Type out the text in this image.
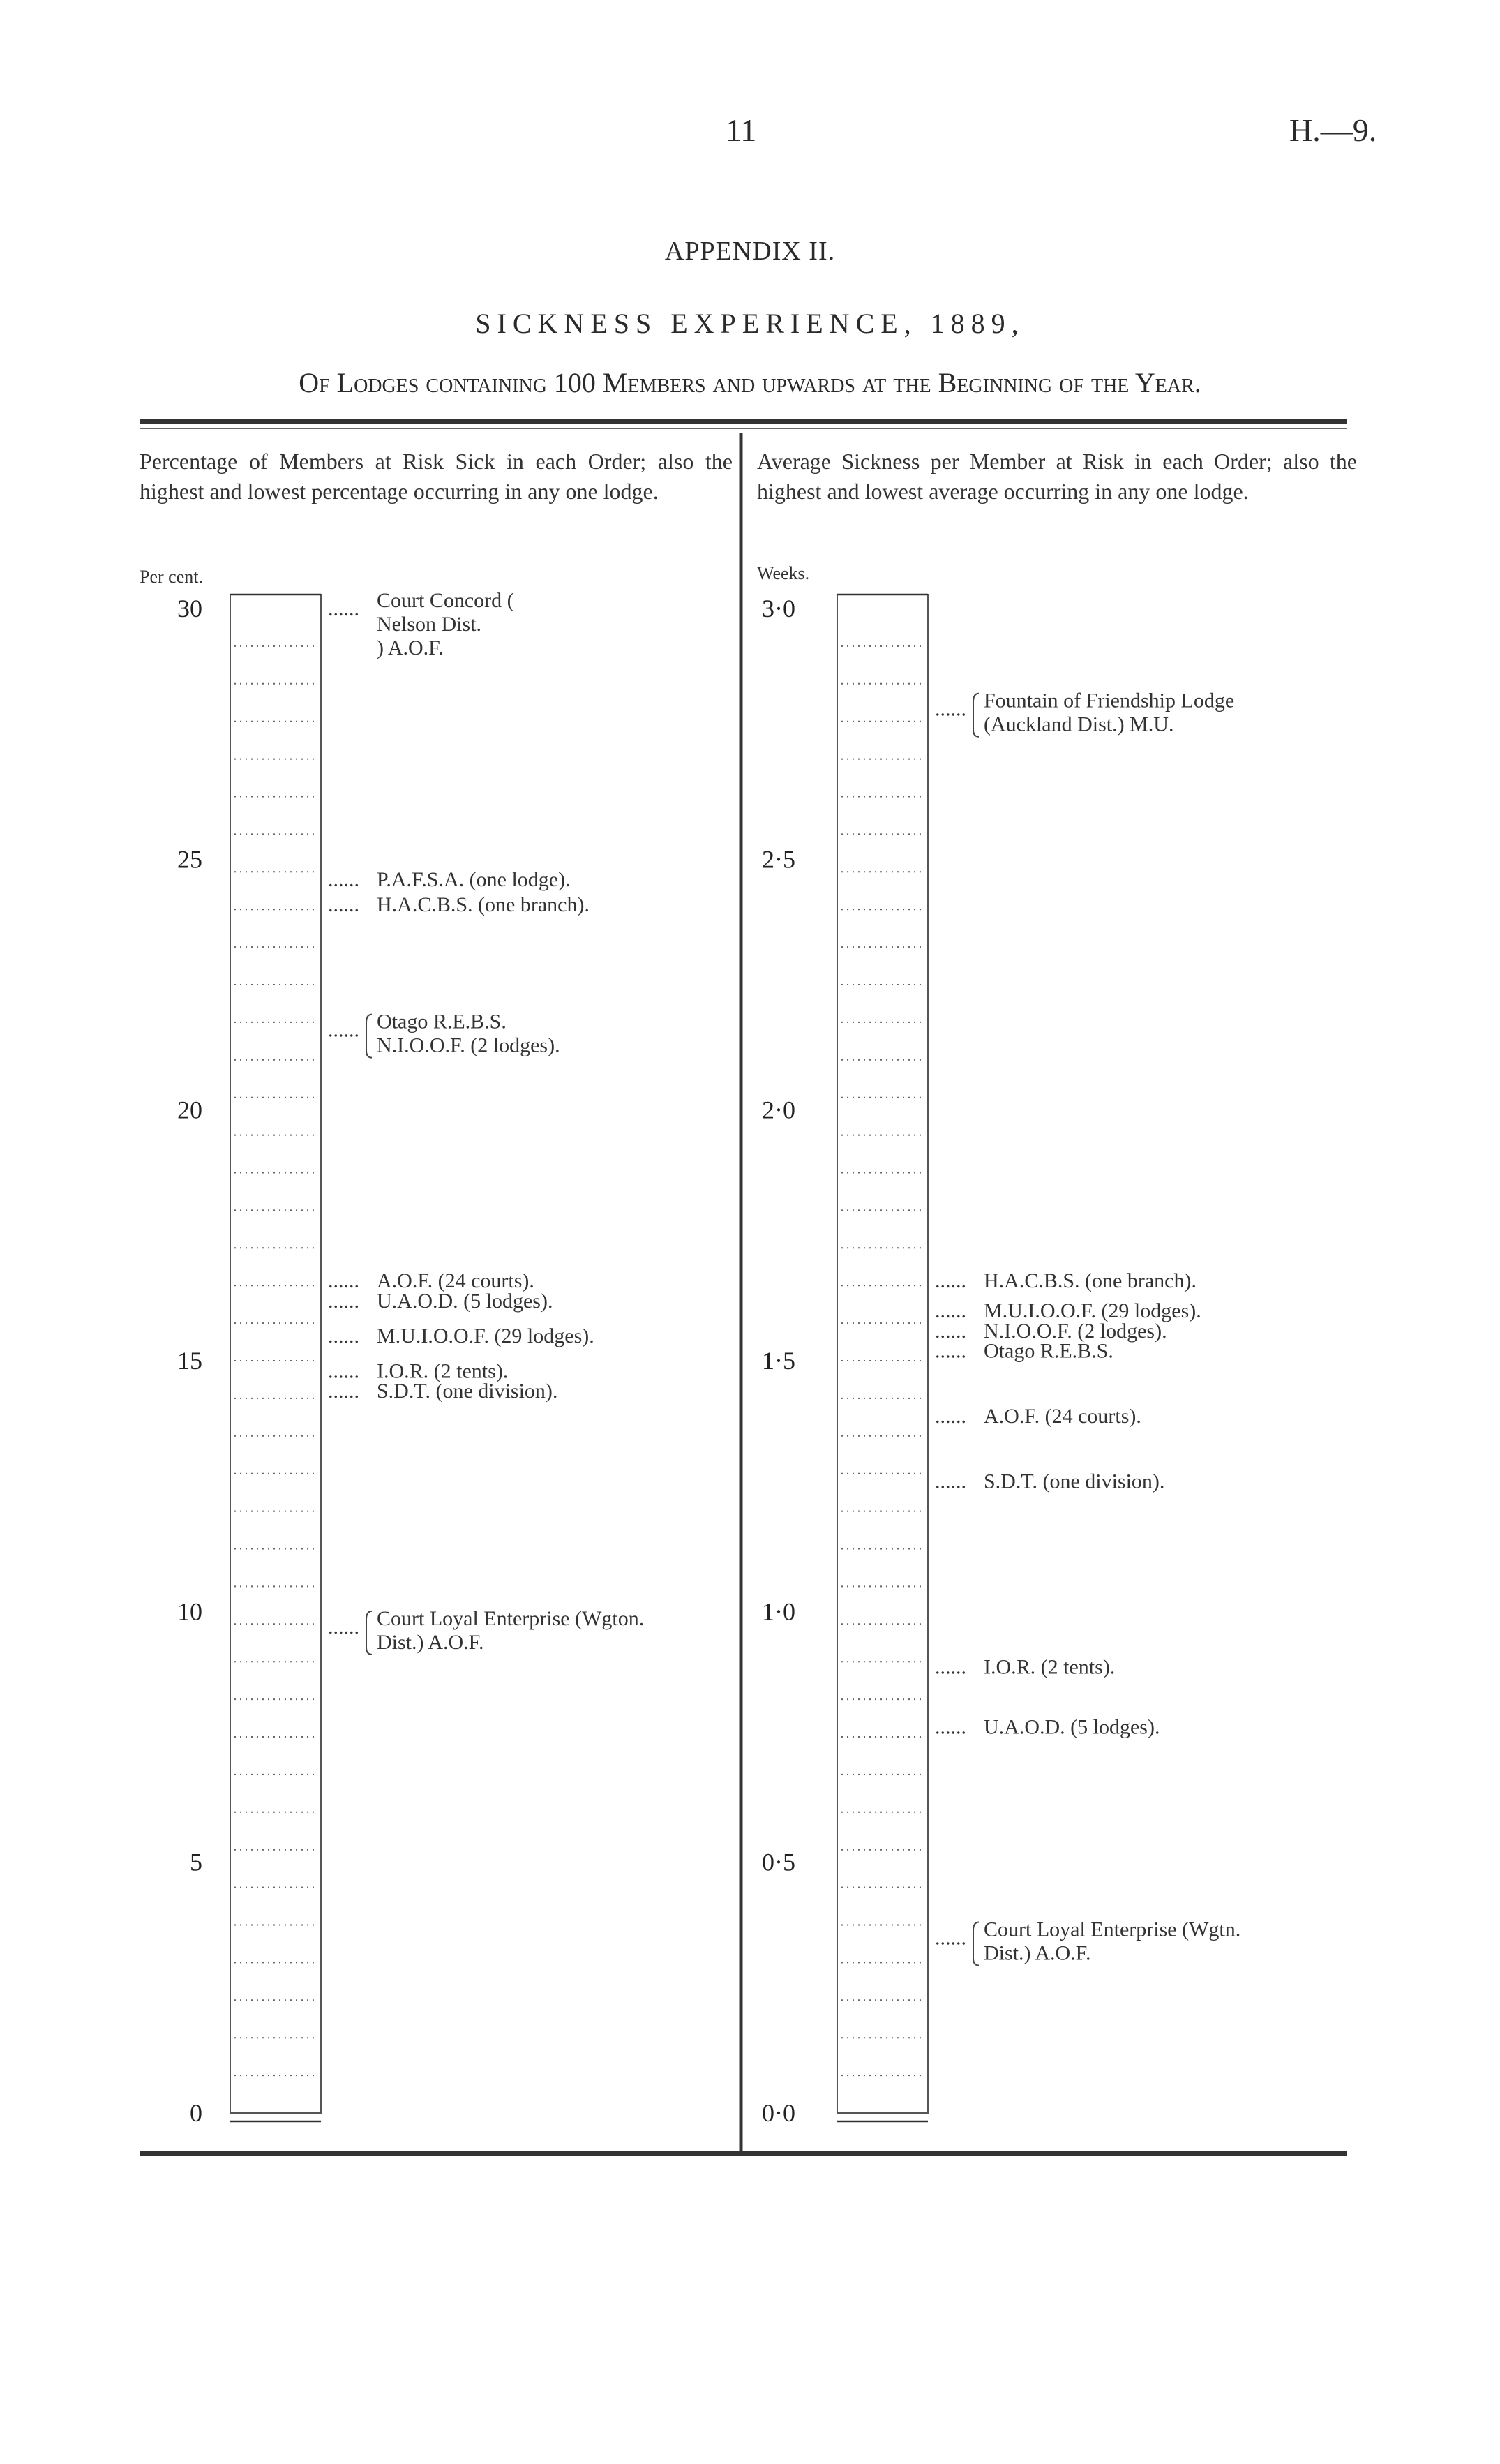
11	H.—9.
APPENDIX II.
SICKNESS EXPERIENCE, 1889,
Of Lodges containing 100 Members and upwards at the Beginning of the Year.
Percentage of Members at Risk Sick in each Order; also the highest and lowest percentage occurring in any one lodge.
Average Sickness per Member at Risk in each Order; also the highest and lowest average occurring in any one lodge.
Per cent.
30
25
20
15
10
5
0
...... Court Concord (
Nelson Dist.
) A.O.F.
...... P.A.F.S.A. (one lodge).
...... H.A.C.B.S. (one branch).
...... Otago R.E.B.S.
N.I.O.O.F. (2 lodges).
...... A.O.F. (24 courts).
...... U.A.O.D. (5 lodges).
...... M.U.I.O.O.F. (29 lodges).
...... I.O.R. (2 tents).
...... S.D.T. (one division).
...... Court Loyal Enterprise (Wgton.
Dist.) A.O.F.
Weeks.
3·0
2·5
2·0
1·5
1·0
0·5
0·0
...... Fountain of Friendship Lodge
(Auckland Dist.) M.U.
...... H.A.C.B.S. (one branch).
...... M.U.I.O.O.F. (29 lodges).
...... N.I.O.O.F. (2 lodges).
...... Otago R.E.B.S.
...... A.O.F. (24 courts).
...... S.D.T. (one division).
...... I.O.R. (2 tents).
...... U.A.O.D. (5 lodges).
...... Court Loyal Enterprise (Wgtn.
Dist.) A.O.F.
